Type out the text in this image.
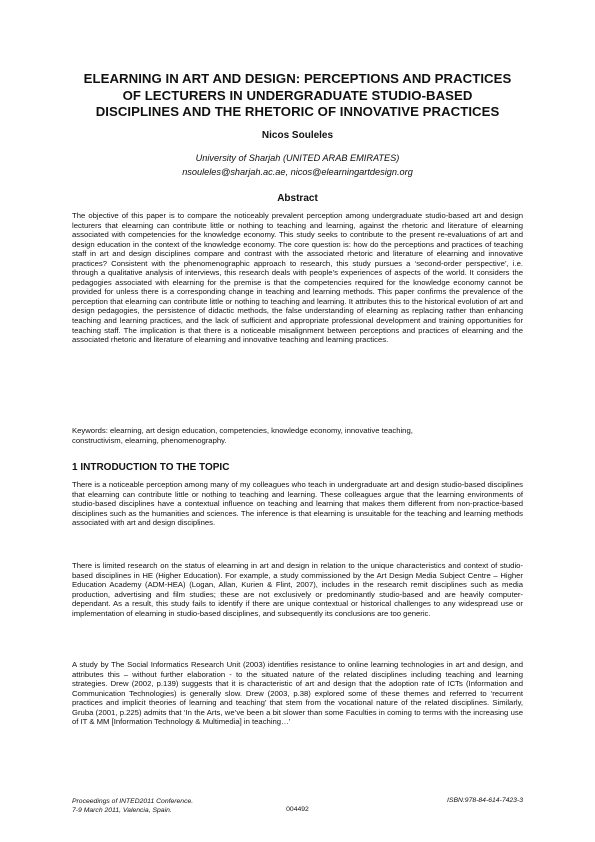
ELEARNING IN ART AND DESIGN: PERCEPTIONS AND PRACTICES
OF LECTURERS IN UNDERGRADUATE STUDIO-BASED
DISCIPLINES AND THE RHETORIC OF INNOVATIVE PRACTICES
Nicos Souleles
University of Sharjah (UNITED ARAB EMIRATES)
nsouleles@sharjah.ac.ae, nicos@elearningartdesign.org
Abstract
The objective of this paper is to compare the noticeably prevalent perception among undergraduate studio-based art and design lecturers that elearning can contribute little or nothing to teaching and learning, against the rhetoric and literature of elearning associated with competencies for the knowledge economy. This study seeks to contribute to the present re-evaluations of art and design education in the context of the knowledge economy. The core question is: how do the perceptions and practices of teaching staff in art and design disciplines compare and contrast with the associated rhetoric and literature of elearning and innovative practices? Consistent with the phenomenographic approach to research, this study pursues a ‘second-order perspective’, i.e. through a qualitative analysis of interviews, this research deals with people’s experiences of aspects of the world. It considers the pedagogies associated with elearning for the premise is that the competencies required for the knowledge economy cannot be provided for unless there is a corresponding change in teaching and learning methods. This paper confirms the prevalence of the perception that elearning can contribute little or nothing to teaching and learning. It attributes this to the historical evolution of art and design pedagogies, the persistence of didactic methods, the false understanding of elearning as replacing rather than enhancing teaching and learning practices, and the lack of sufficient and appropriate professional development and training opportunities for teaching staff. The implication is that there is a noticeable misalignment between perceptions and practices of elearning and the associated rhetoric and literature of elearning and innovative teaching and learning practices.
Keywords: elearning, art design education, competencies, knowledge economy, innovative teaching,
constructivism, elearning, phenomenography.
1 INTRODUCTION TO THE TOPIC
There is a noticeable perception among many of my colleagues who teach in undergraduate art and design studio-based disciplines that elearning can contribute little or nothing to teaching and learning. These colleagues argue that the learning environments of studio-based disciplines have a contextual influence on teaching and learning that makes them different from non-practice-based disciplines such as the humanities and sciences. The inference is that elearning is unsuitable for the teaching and learning methods associated with art and design disciplines.
There is limited research on the status of elearning in art and design in relation to the unique characteristics and context of studio-based disciplines in HE (Higher Education). For example, a study commissioned by the Art Design Media Subject Centre – Higher Education Academy (ADM-HEA) (Logan, Allan, Kurien & Flint, 2007), includes in the research remit disciplines such as media production, advertising and film studies; these are not exclusively or predominantly studio-based and are heavily computer-dependant. As a result, this study fails to identify if there are unique contextual or historical challenges to any widespread use or implementation of elearning in studio-based disciplines, and subsequently its conclusions are too generic.
A study by The Social Informatics Research Unit (2003) identifies resistance to online learning technologies in art and design, and attributes this – without further elaboration - to the situated nature of the related disciplines including teaching and learning strategies. Drew (2002, p.139) suggests that it is characteristic of art and design that the adoption rate of ICTs (Information and Communication Technologies) is generally slow. Drew (2003, p.38) explored some of these themes and referred to ‘recurrent practices and implicit theories of learning and teaching’ that stem from the vocational nature of the related disciplines. Similarly, Gruba (2001, p.225) admits that ‘In the Arts, we’ve been a bit slower than some Faculties in coming to terms with the increasing use of IT & MM [Information Technology & Multimedia] in teaching…’
Proceedings of INTED2011 Conference.
7-9 March 2011, Valencia, Spain.
ISBN:978-84-614-7423-3
004492
